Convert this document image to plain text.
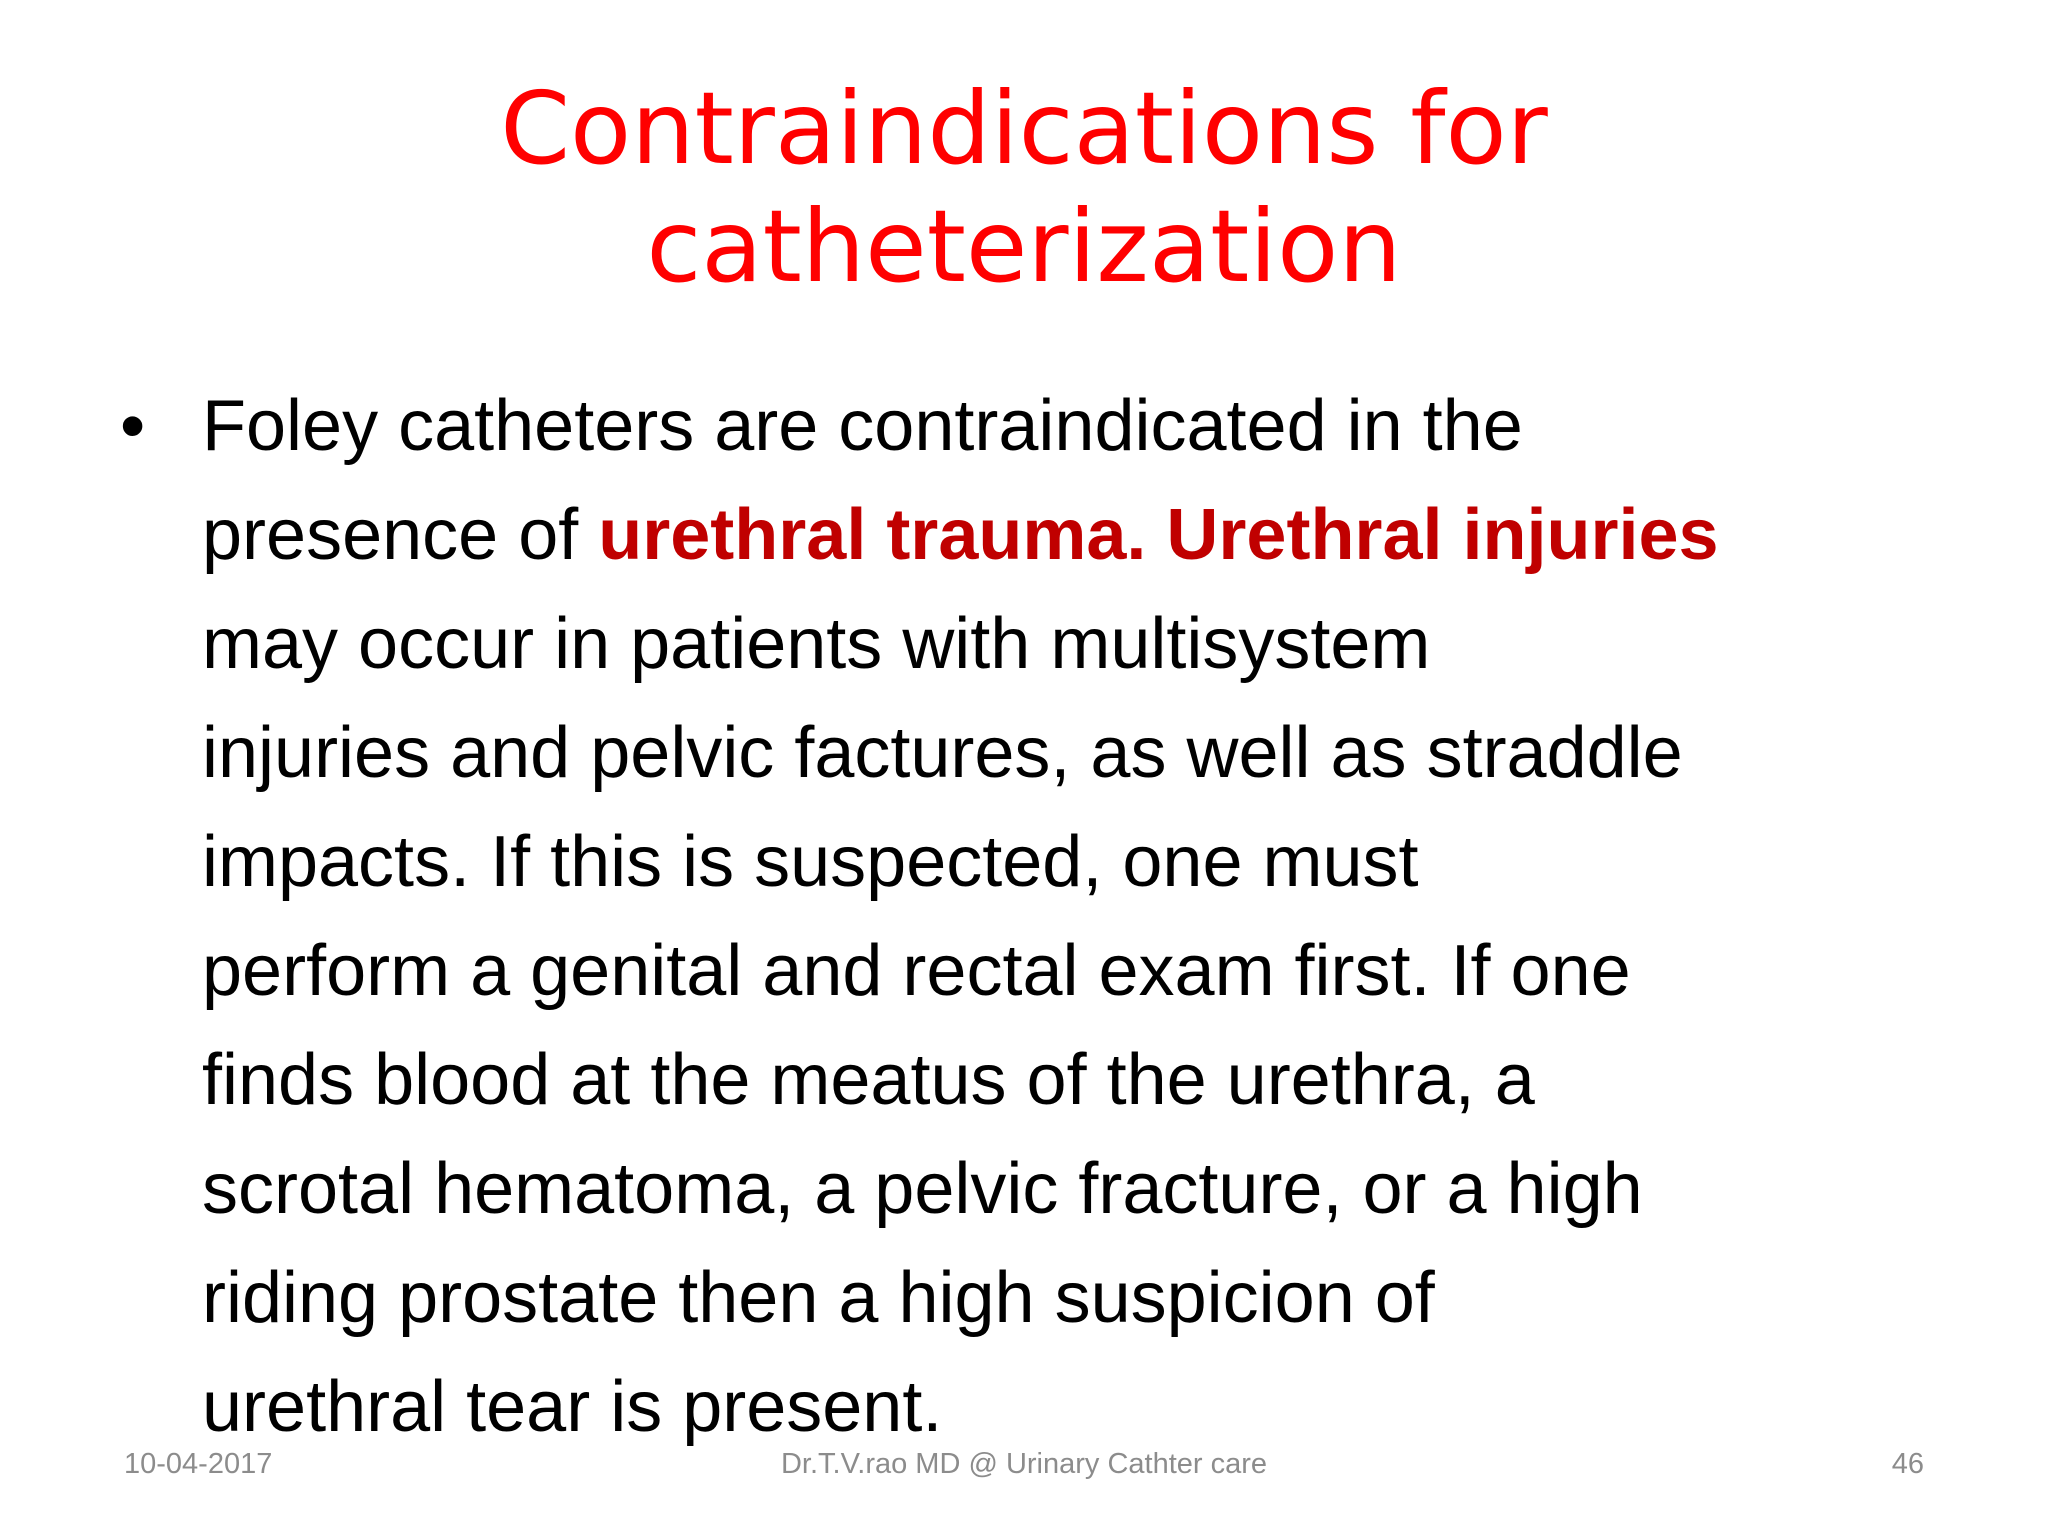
Contraindications for
catheterization
• Foley catheters are contraindicated in the
presence of urethral trauma. Urethral injuries
may occur in patients with multisystem
injuries and pelvic factures, as well as straddle
impacts. If this is suspected, one must
perform a genital and rectal exam first. If one
finds blood at the meatus of the urethra, a
scrotal hematoma, a pelvic fracture, or a high
riding prostate then a high suspicion of
urethral tear is present.
10-04-2017	Dr.T.V.rao MD @ Urinary Cathter care	46
